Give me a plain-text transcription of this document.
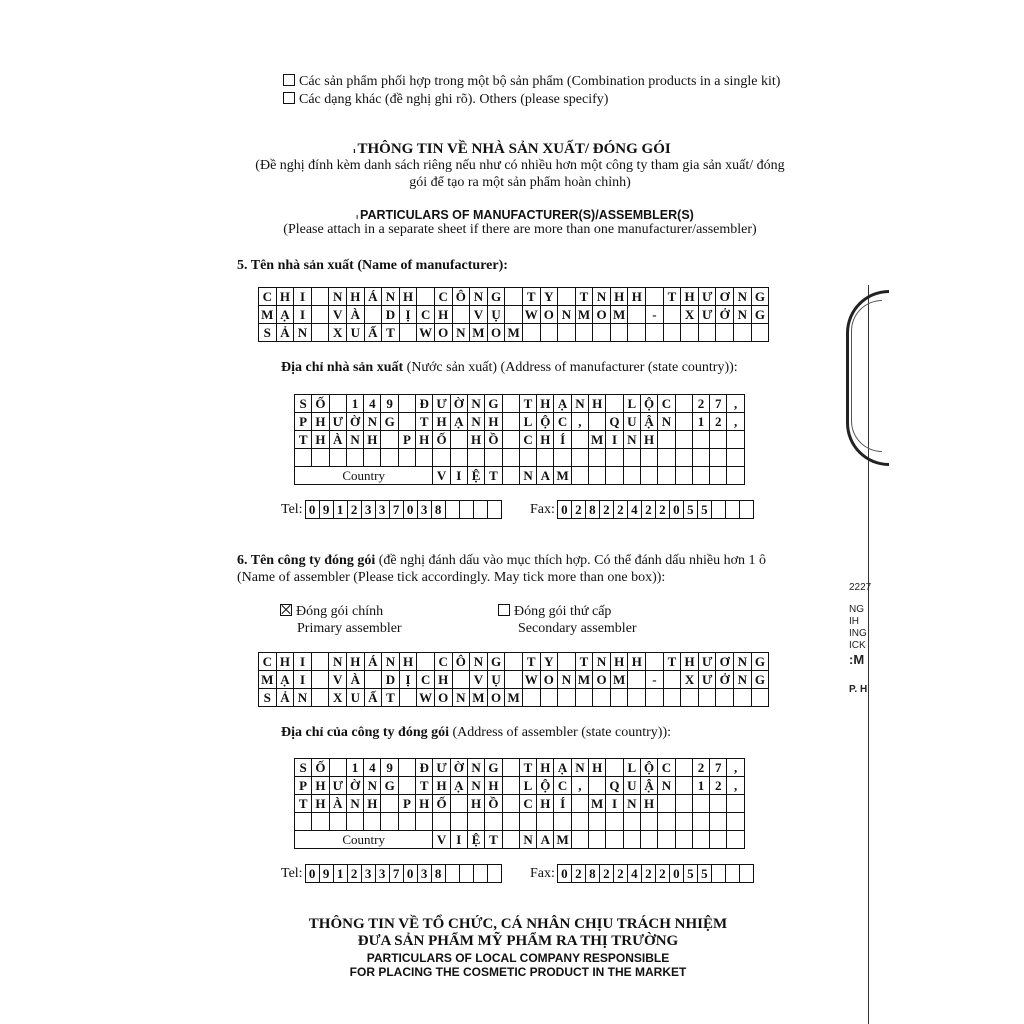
Các sản phẩm phối hợp trong một bộ sản phẩm (Combination products in a single kit)
Các dạng khác (đề nghị ghi rõ). Others (please specify)
ı THÔNG TIN VỀ NHÀ SẢN XUẤT/ ĐÓNG GÓI
(Đề nghị đính kèm danh sách riêng nếu như có nhiều hơn một công ty tham gia sản xuất/ đóng
gói để tạo ra một sản phẩm hoàn chỉnh)
ı PARTICULARS OF MANUFACTURER(S)/ASSEMBLER(S)
(Please attach in a separate sheet if there are more than one manufacturer/assembler)
5. Tên nhà sản xuất (Name of manufacturer):
C	H	I		N	H	Á	N	H		C	Ô	N	G		T	Y		T	N	H	H		T	H	Ư	Ơ	N	G
M	Ạ	I		V	À		D	Ị	C	H		V	Ụ		W	O	N	M	O	M		-		X	Ư	Ở	N	G
S	Ả	N		X	U	Ấ	T		W	O	N	M	O	M														
Địa chỉ nhà sản xuất (Nước sản xuất) (Address of manufacturer (state country)):
S	Ố		1	4	9		Đ	Ư	Ờ	N	G		T	H	Ạ	N	H		L	Ộ	C		2	7	,
P	H	Ư	Ờ	N	G		T	H	Ạ	N	H		L	Ộ	C	,		Q	U	Ậ	N		1	2	,
T	H	À	N	H		P	H	Ố		H	Ồ		C	H	Í		M	I	N	H					

Country								V	I	Ệ	T		N	A	M										
Tel: 0 9 1 2 3 3 7 0 3 8	Fax: 0 2 8 2 2 4 2 2 0 5 5
6. Tên công ty đóng gói (đề nghị đánh dấu vào mục thích hợp. Có thể đánh dấu nhiều hơn 1 ô
(Name of assembler (Please tick accordingly. May tick more than one box)):
Đóng gói chính
Primary assembler
Đóng gói thứ cấp
Secondary assembler
C	H	I		N	H	Á	N	H		C	Ô	N	G		T	Y		T	N	H	H		T	H	Ư	Ơ	N	G
M	Ạ	I		V	À		D	Ị	C	H		V	Ụ		W	O	N	M	O	M		-		X	Ư	Ở	N	G
S	Ả	N		X	U	Ấ	T		W	O	N	M	O	M														
Địa chỉ của công ty đóng gói (Address of assembler (state country)):
S	Ố		1	4	9		Đ	Ư	Ờ	N	G		T	H	Ạ	N	H		L	Ộ	C		2	7	,
P	H	Ư	Ờ	N	G		T	H	Ạ	N	H		L	Ộ	C	,		Q	U	Ậ	N		1	2	,
T	H	À	N	H		P	H	Ố		H	Ồ		C	H	Í		M	I	N	H					

Country								V	I	Ệ	T		N	A	M										
Tel: 0 9 1 2 3 3 7 0 3 8	Fax: 0 2 8 2 2 4 2 2 0 5 5
THÔNG TIN VỀ TỔ CHỨC, CÁ NHÂN CHỊU TRÁCH NHIỆM
ĐƯA SẢN PHẨM MỸ PHẨM RA THỊ TRƯỜNG
PARTICULARS OF LOCAL COMPANY RESPONSIBLE
FOR PLACING THE COSMETIC PRODUCT IN THE MARKET
2227
NG
IH
ING
ICK
:M
P. H
